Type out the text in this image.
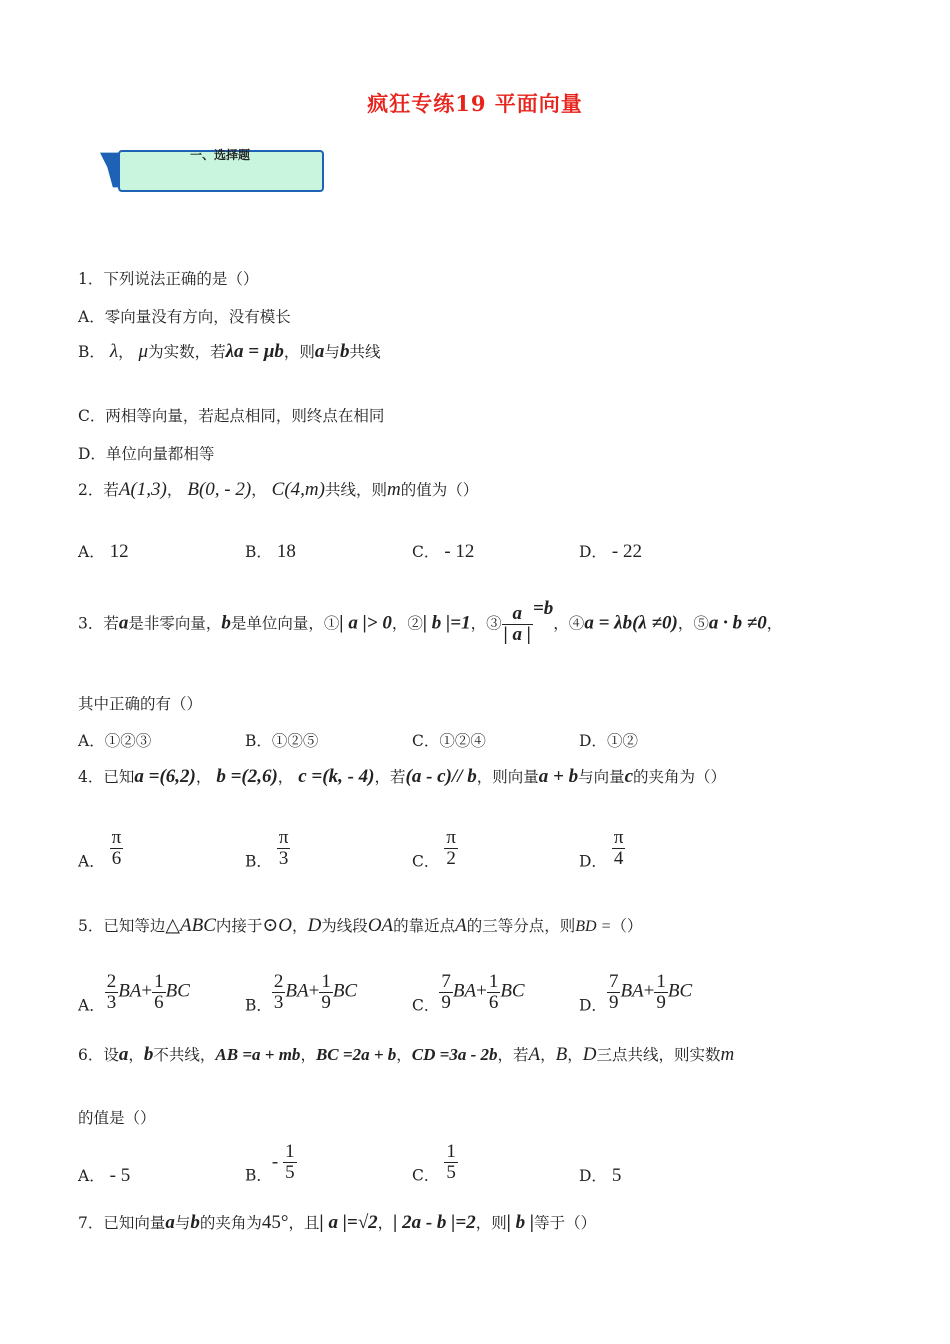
疯狂专练19 平面向量
一、选择题
1．下列说法正确的是（）
A．零向量没有方向，没有模长
B． λ， μ为实数，若λa = μb，则a与b共线
C．两相等向量，若起点相同，则终点在相同
D．单位向量都相等
2．若A(1,3)， B(0, - 2)， C(4,m)共线，则m的值为（）
A． 12	B． 18	C． - 12	D． - 22
3．若a是非零向量，b是单位向量，①| a |> 0，②| b |=1，③ $\frac{a}{| a |} =b$，④a = λb(λ ≠0)，⑤a · b ≠0，
其中正确的有（）
A．①②③	B．①②⑤	C．①②④	D．①②
4．已知a =(6,2)， b =(2,6)， c =(k, - 4)，若(a - c)// b，则向量a + b与向量c的夹角为（）
A． $\frac{\pi}{6}$	B． $\frac{\pi}{3}$	C． $\frac{\pi}{2}$	D． $\frac{\pi}{4}$
5．已知等边△ABC内接于⊙O，D为线段OA的靠近点A的三等分点，则BD =（）
A． $\frac{2}{3} BA+ \frac{1}{6}$ BC
B． $\frac{2}{3} BA+ \frac{1}{9}$ BC
C． $\frac{7}{9} BA+ \frac{1}{6}$ BC
D． $\frac{7}{9} BA+ \frac{1}{9}$ BC
6．设a，b不共线，AB =a + mb，BC =2a + b，CD =3a - 2b，若A，B，D三点共线，则实数m
的值是（）
A． - 5	B．- $\frac{1}{5}$	C． $\frac{1}{5}$	D． 5
7．已知向量a与b的夹角为45°，且| a |=√2，| 2a - b |=2，则| b |等于（）
